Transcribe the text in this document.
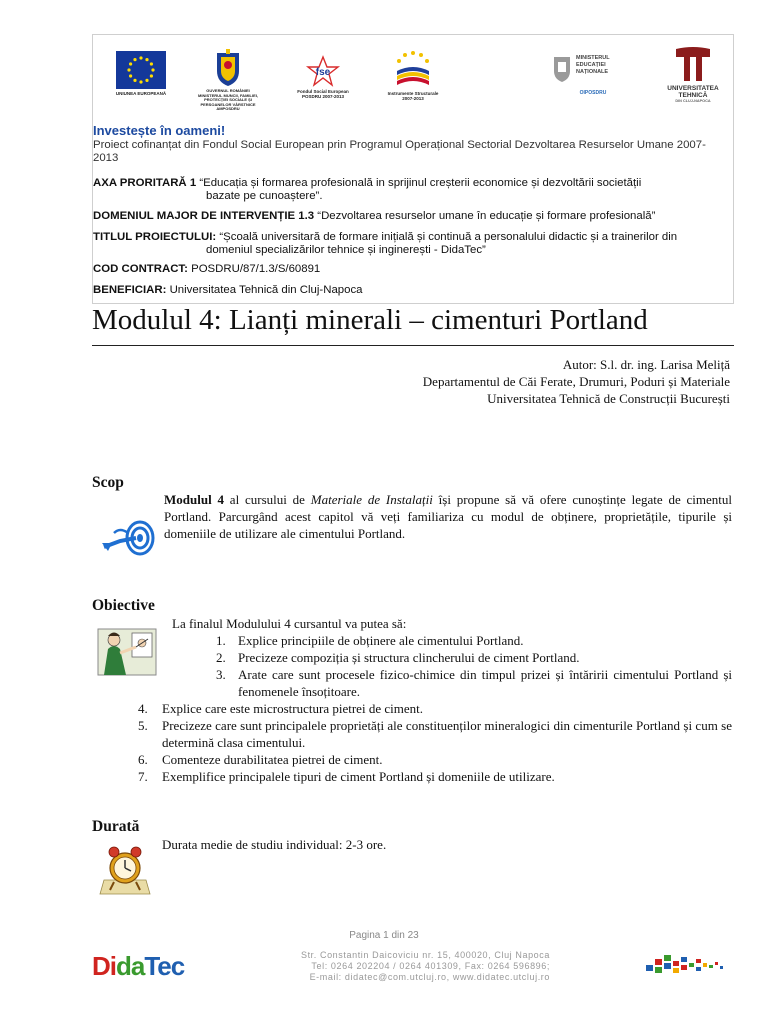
UNIUNEA EUROPEANĂ
GUVERNUL ROMÂNIEI
MINISTERUL MUNCII, FAMILIEI,
PROTECȚIEI SOCIALE ȘI
PERSOANELOR VÂRSTNICE
AMPOSDRU
fse
Fondul Social European
POSDRU 2007-2013
Instrumente Structurale
2007-2013
MINISTERUL
EDUCAȚIEI
NAȚIONALE
OIPOSDRU
UNIVERSITATEA
TEHNICĂ
DIN CLUJ-NAPOCA
Investește în oameni!
Proiect cofinanțat din Fondul Social European prin Programul Operațional Sectorial Dezvoltarea Resurselor Umane 2007-2013
AXA PRORITARĂ 1 “Educația și formarea profesională in sprijinul creșterii economice și dezvoltării societății
bazate pe cunoaștere”.
DOMENIUL MAJOR DE INTERVENȚIE 1.3 “Dezvoltarea resurselor umane în educație și formare profesională”
TITLUL PROIECTULUI: “Școală universitară de formare inițială și continuă a personalului didactic și a trainerilor din
domeniul specializărilor tehnice și inginerești - DidaTec”
COD CONTRACT: POSDRU/87/1.3/S/60891
BENEFICIAR: Universitatea Tehnică din Cluj-Napoca
Modulul 4: Lianți minerali – cimenturi Portland
Autor: S.l. dr. ing. Larisa Meliță
Departamentul de Căi Ferate, Drumuri, Poduri și Materiale
Universitatea Tehnică de Construcții București
Scop
Modulul 4 al cursului de Materiale de Instalații își propune să vă ofere cunoștințe legate de cimentul Portland. Parcurgând acest capitol vă veți familiariza cu modul de obținere, proprietățile, tipurile și domeniile de utilizare ale cimentului Portland.
Obiective
La finalul Modulului 4 cursantul va putea să:
1. Explice principiile de obținere ale cimentului Portland.
2. Precizeze compoziția și structura clincherului de ciment Portland.
3. Arate care sunt procesele fizico-chimice din timpul prizei și întăririi cimentului Portland și fenomenele însoțitoare.
4. Explice care este microstructura pietrei de ciment.
5. Precizeze care sunt principalele proprietăți ale constituenților mineralogici din cimenturile Portland și cum se determină clasa cimentului.
6. Comenteze durabilitatea pietrei de ciment.
7. Exemplifice principalele tipuri de ciment Portland și domeniile de utilizare.
Durată
Durata medie de studiu individual: 2-3 ore.
Pagina 1 din 23
DidaTec	Str. Constantin Daicoviciu nr. 15, 400020, Cluj Napoca
Tel: 0264 202204 / 0264 401309, Fax: 0264 596896;
E-mail: didatec@com.utcluj.ro, www.didatec.utcluj.ro
